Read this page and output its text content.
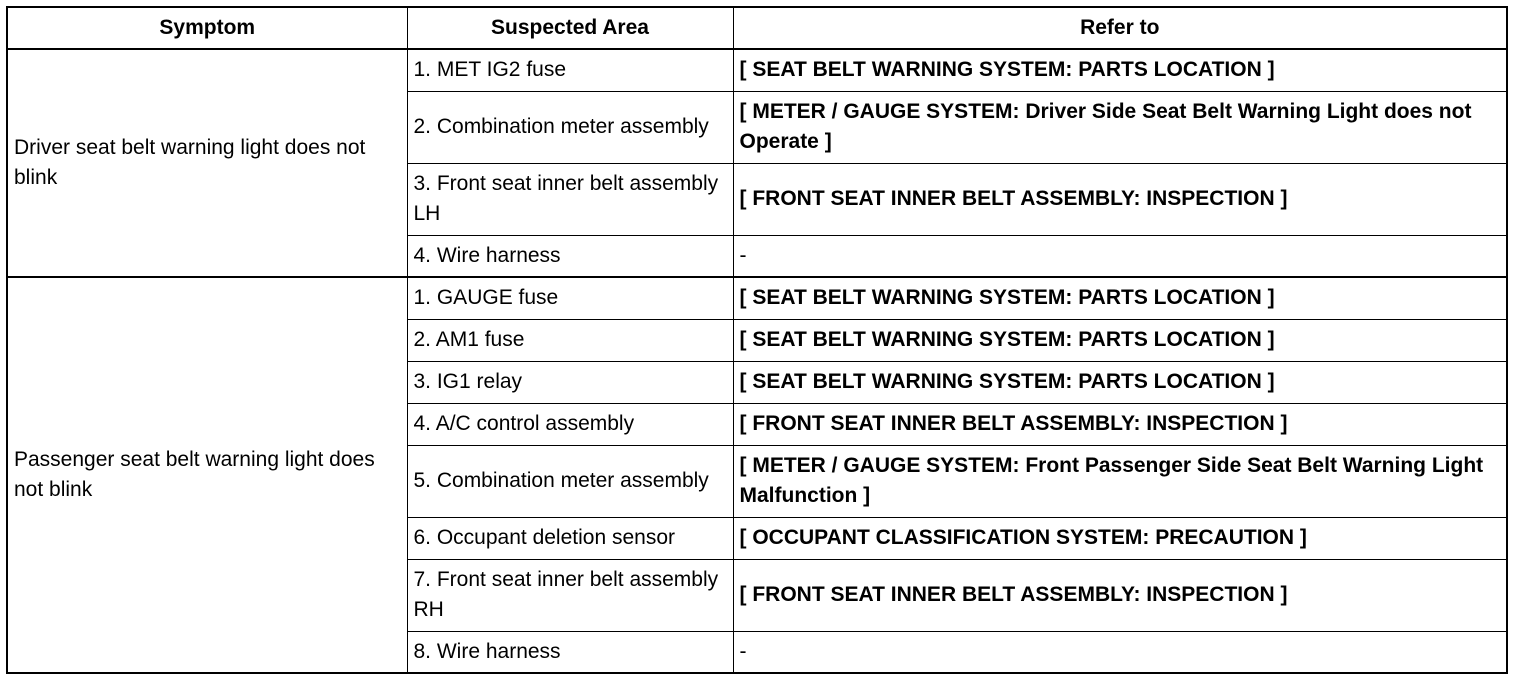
Symptom	Suspected Area	Refer to
Driver seat belt warning light does not blink	1. MET IG2 fuse	[ SEAT BELT WARNING SYSTEM: PARTS LOCATION ]
	2. Combination meter assembly	[ METER / GAUGE SYSTEM: Driver Side Seat Belt Warning Light does not Operate ]
	3. Front seat inner belt assembly LH	[ FRONT SEAT INNER BELT ASSEMBLY: INSPECTION ]
	4. Wire harness	-
Passenger seat belt warning light does not blink	1. GAUGE fuse	[ SEAT BELT WARNING SYSTEM: PARTS LOCATION ]
	2. AM1 fuse	[ SEAT BELT WARNING SYSTEM: PARTS LOCATION ]
	3. IG1 relay	[ SEAT BELT WARNING SYSTEM: PARTS LOCATION ]
	4. A/C control assembly	[ FRONT SEAT INNER BELT ASSEMBLY: INSPECTION ]
	5. Combination meter assembly	[ METER / GAUGE SYSTEM: Front Passenger Side Seat Belt Warning Light Malfunction ]
	6. Occupant deletion sensor	[ OCCUPANT CLASSIFICATION SYSTEM: PRECAUTION ]
	7. Front seat inner belt assembly RH	[ FRONT SEAT INNER BELT ASSEMBLY: INSPECTION ]
	8. Wire harness	-
